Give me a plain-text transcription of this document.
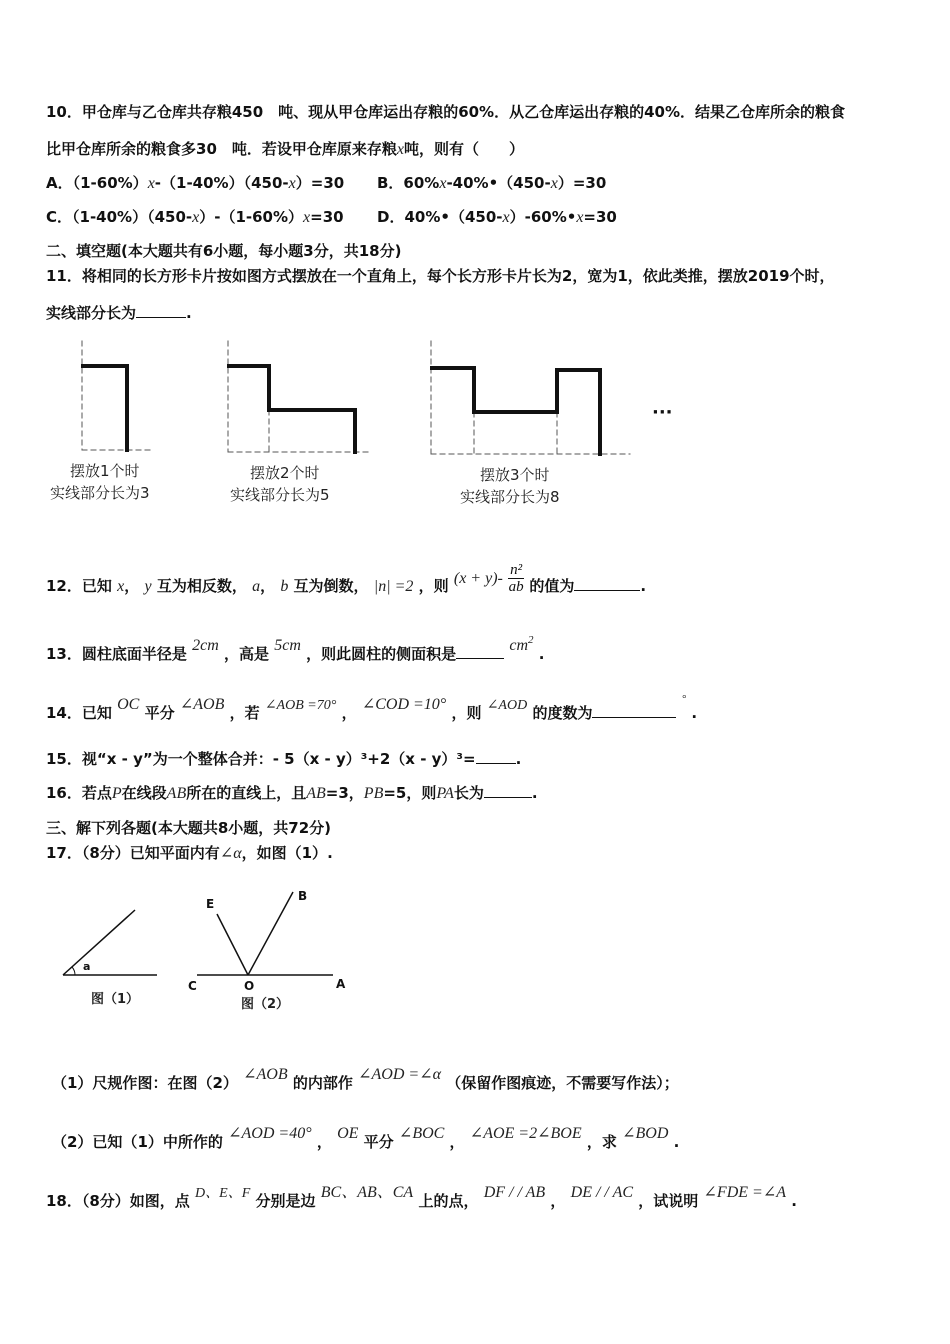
10．甲仓库与乙仓库共存粮450　吨、现从甲仓库运出存粮的60%．从乙仓库运出存粮的40%．结果乙仓库所余的粮食
比甲仓库所余的粮食多30　吨．若设甲仓库原来存粮x吨，则有（　　）
A．（1-60%）x-（1-40%）（450-x）=30 B．60%x-40%•（450-x）=30
C．（1-40%）（450-x）-（1-60%）x=30 D．40%•（450-x）-60%•x=30
二、填空题(本大题共有6小题，每小题3分，共18分)
11．将相同的长方形卡片按如图方式摆放在一个直角上，每个长方形卡片长为2，宽为1，依此类推，摆放2019个时，
实线部分长为	.
摆放1个时
实线部分长为3
摆放2个时
实线部分长为5
摆放3个时
实线部分长为8
···
12．已知 x， y 互为相反数， a， b 互为倒数， |n| =2 ，则 $(x + y)- \frac{\text{n²}}{ab}$ 的值为	.
13．圆柱底面半径是 2cm ，高是 5cm ，则此圆柱的侧面积是	$cm^2$ .
14．已知 OC 平分 ∠AOB ，若 ∠AOB =70° ， ∠COD =10° ，则 ∠AOD 的度数为 ° .
15．视“x - y”为一个整体合并：- 5（x - y）³+2（x - y）³=	.
16．若点P在线段AB所在的直线上，且AB=3，PB=5，则PA长为	.
三、解下列各题(本大题共8小题，共72分)
17．（8分）已知平面内有∠α，如图（1）.
a
图（1）
E
B
C	O	A
图（2）
（1）尺规作图：在图（2） ∠AOB 的内部作 ∠AOD =∠α （保留作图痕迹，不需要写作法）；
（2）已知（1）中所作的 ∠AOD =40° ， OE 平分 ∠BOC ， ∠AOE =2∠BOE ，求 ∠BOD .
18．（8分）如图，点 D、E、F 分别是边 BC、AB、CA 上的点， DF / / AB ， DE / / AC ，试说明 ∠FDE =∠A .
